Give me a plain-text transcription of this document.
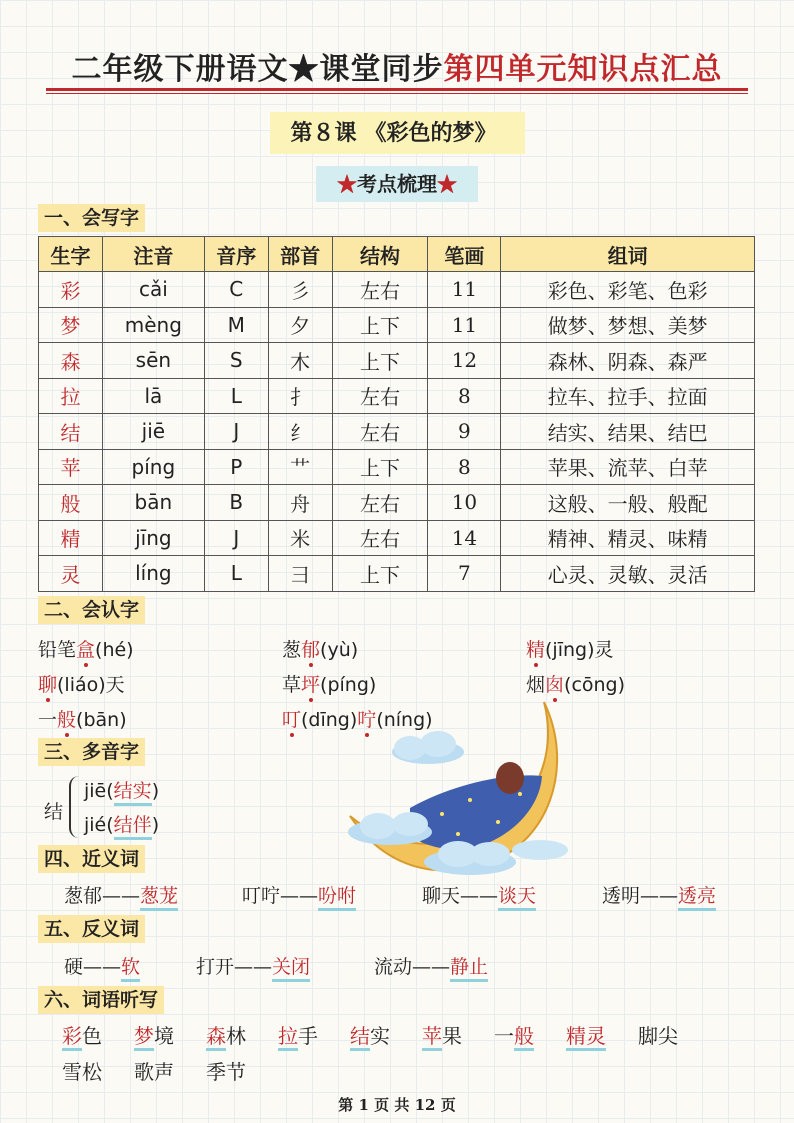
二年级下册语文★课堂同步第四单元知识点汇总
第８课 《彩色的梦》
★考点梳理★
一、会写字
生字	注音	音序	部首	结构	笔画	组词
彩	cǎi	C	彡	左右	11	彩色、彩笔、色彩
梦	mèng	M	夕	上下	11	做梦、梦想、美梦
森	sēn	S	木	上下	12	森林、阴森、森严
拉	lā	L	扌	左右	8	拉车、拉手、拉面
结	jiē	J	纟	左右	9	结实、结果、结巴
苹	píng	P	艹	上下	8	苹果、流苹、白苹
般	bān	B	舟	左右	10	这般、一般、般配
精	jīng	J	米	左右	14	精神、精灵、味精
灵	líng	L	彐	上下	7	心灵、灵敏、灵活
二、会认字
铅笔盒(hé)	葱郁(yù)	精(jīng)灵
聊(liáo)天	草坪(píng)	烟囱(cōng)
一般(bān)	叮(dīng)咛(níng)
三、多音字
结
jiē(结实)
jié(结伴)
四、近义词
葱郁——葱茏	叮咛——吩咐	聊天——谈天	透明——透亮
五、反义词
硬——软	打开——关闭	流动——静止
六、词语听写
彩色 梦境 森林 拉手 结实 苹果 一般 精灵 脚尖
雪松 歌声 季节
第 1 页 共 12 页
